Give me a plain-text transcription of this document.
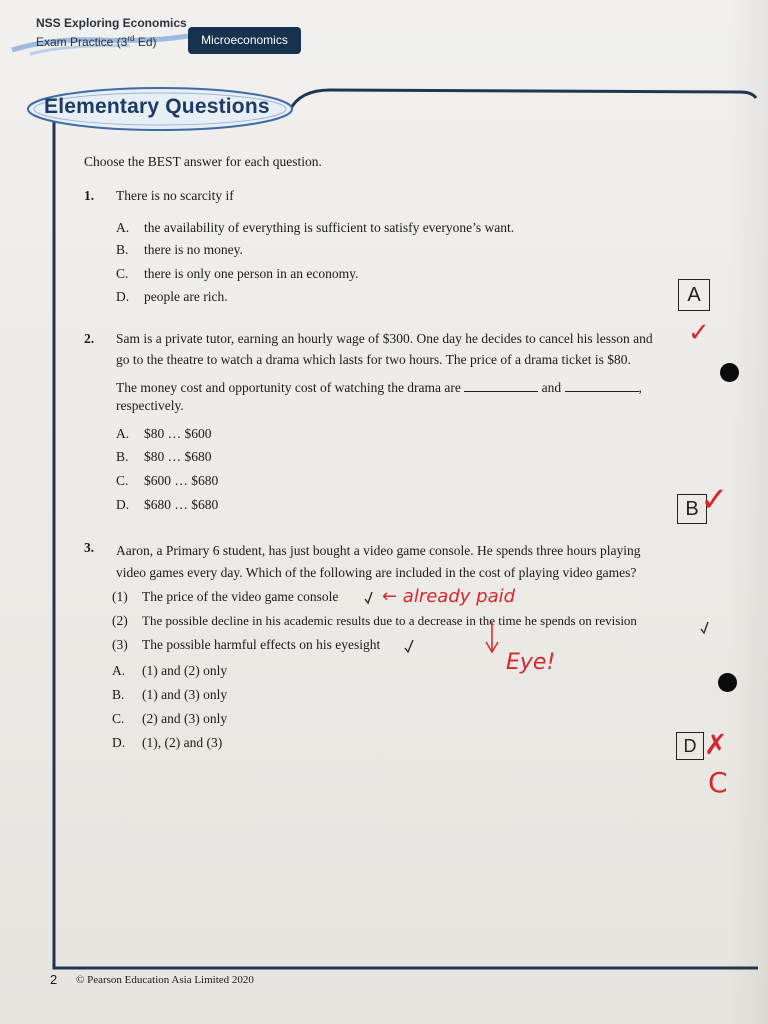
NSS Exploring Economics
Exam Practice (3rd Ed)	Microeconomics
Elementary Questions
Choose the BEST answer for each question.
1. There is no scarcity if
A. the availability of everything is sufficient to satisfy everyone’s want.
B. there is no money.
C. there is only one person in an economy.
D. people are rich.	A
2. Sam is a private tutor, earning an hourly wage of $300. One day he decides to cancel his lesson and
go to the theatre to watch a drama which lasts for two hours. The price of a drama ticket is $80.
The money cost and opportunity cost of watching the drama are	and	,
respectively.
A. $80 … $600
B. $80 … $680
C. $600 … $680
D. $680 … $680	B
3. Aaron, a Primary 6 student, has just bought a video game console. He spends three hours playing
video games every day. Which of the following are included in the cost of playing video games?
(1) The price of the video game console
(2) The possible decline in his academic results due to a decrease in the time he spends on revision
(3) The possible harmful effects on his eyesight
A. (1) and (2) only
B. (1) and (3) only
C. (2) and (3) only
D. (1), (2) and (3)	D
← already paid
Eye!
C
✗
✓
✓
2 © Pearson Education Asia Limited 2020
